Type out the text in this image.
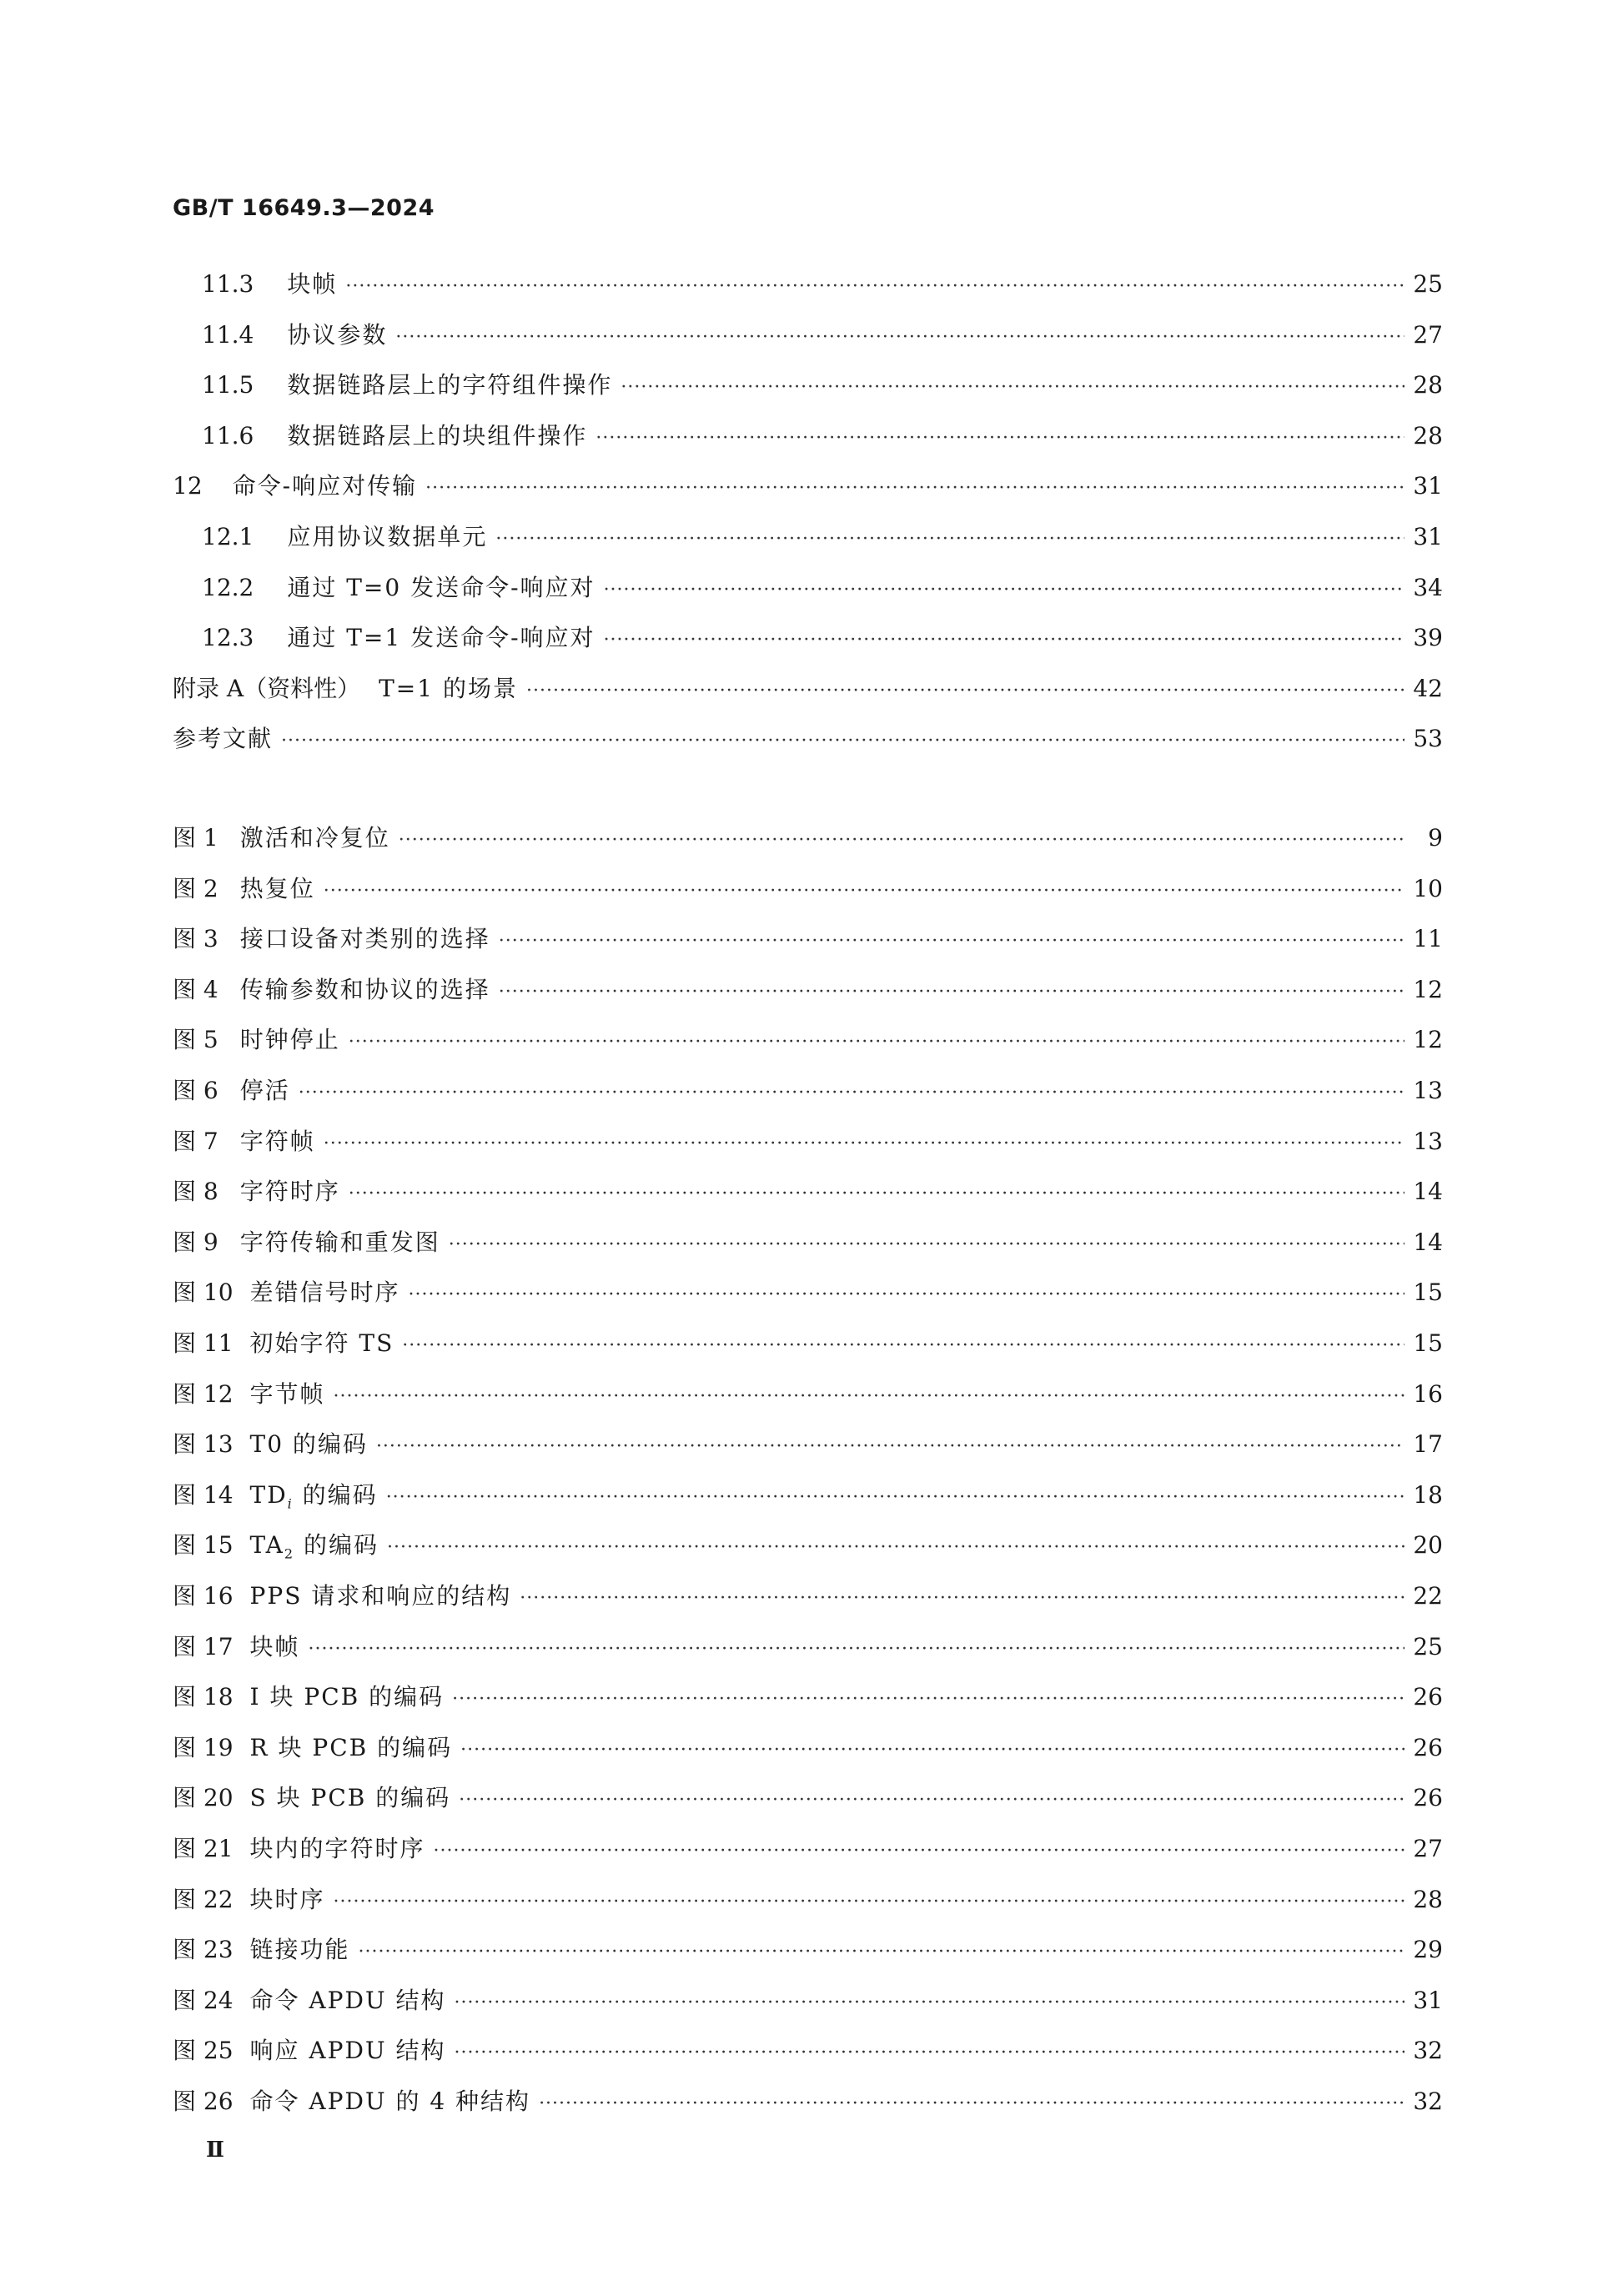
GB/T 16649.3—2024
11.3 块帧 ·····	25
11.4 协议参数 ·····	27
11.5 数据链路层上的字符组件操作 ·····	28
11.6 数据链路层上的块组件操作 ·····	28
12 命令-响应对传输 ·····	31
12.1 应用协议数据单元 ·····	31
12.2 通过 T=0 发送命令-响应对 ·····	34
12.3 通过 T=1 发送命令-响应对 ·····	39
附录 A（资料性） T=1 的场景 ·····	42
参考文献 ·····	53
图 1 激活和冷复位 ·····	9
图 2 热复位 ·····	10
图 3 接口设备对类别的选择 ·····	11
图 4 传输参数和协议的选择 ·····	12
图 5 时钟停止 ·····	12
图 6 停活 ·····	13
图 7 字符帧 ·····	13
图 8 字符时序 ·····	14
图 9 字符传输和重发图 ·····	14
图 10 差错信号时序 ·····	15
图 11 初始字符 TS ·····	15
图 12 字节帧 ·····	16
图 13 T0 的编码 ·····	17
图 14 $TD_i$ 的编码 ·····	18
图 15 $TA_2$ 的编码 ·····	20
图 16 PPS 请求和响应的结构 ·····	22
图 17 块帧 ·····	25
图 18 I 块 PCB 的编码 ·····	26
图 19 R 块 PCB 的编码 ·····	26
图 20 S 块 PCB 的编码 ·····	26
图 21 块内的字符时序 ·····	27
图 22 块时序 ·····	28
图 23 链接功能 ·····	29
图 24 命令 APDU 结构 ·····	31
图 25 响应 APDU 结构 ·····	32
图 26 命令 APDU 的 4 种结构 ·····	32
Ⅱ
